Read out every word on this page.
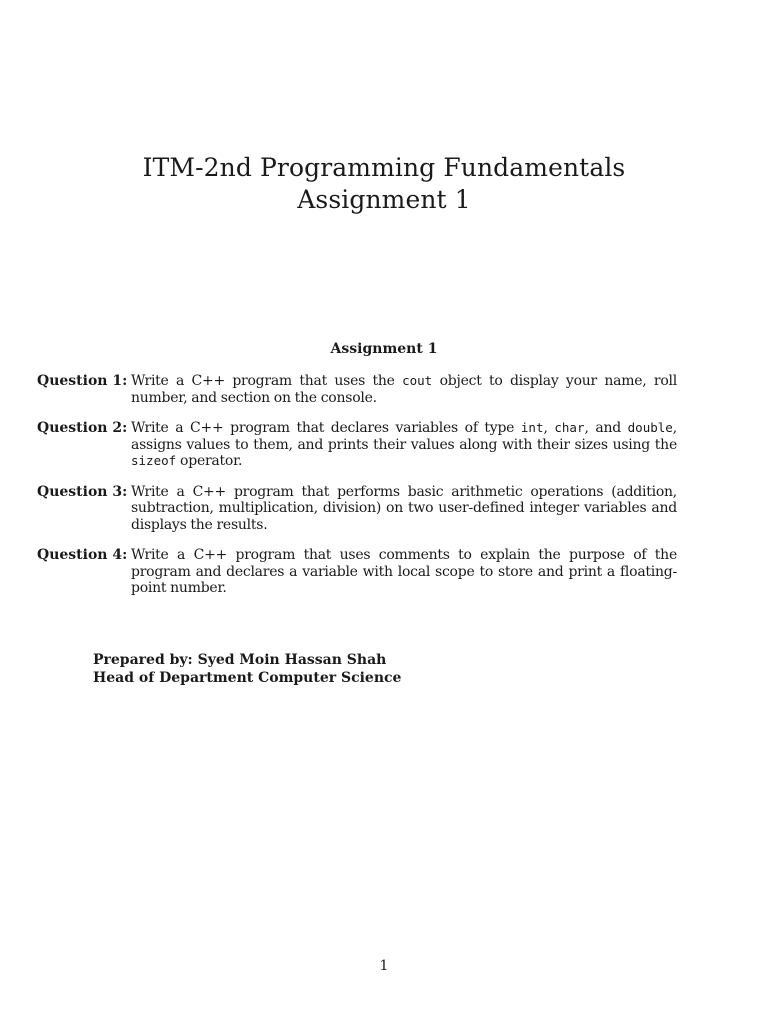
ITM-2nd Programming Fundamentals
Assignment 1
Assignment 1
Question 1: Write a C++ program that uses the cout object to display your name, roll number, and section on the console.
Question 2: Write a C++ program that declares variables of type int, char, and double, assigns values to them, and prints their values along with their sizes using the sizeof operator.
Question 3: Write a C++ program that performs basic arithmetic operations (addition, subtraction, multiplication, division) on two user-defined integer variables and displays the results.
Question 4: Write a C++ program that uses comments to explain the purpose of the program and declares a variable with local scope to store and print a floating-point number.
Prepared by: Syed Moin Hassan Shah
Head of Department Computer Science
1
